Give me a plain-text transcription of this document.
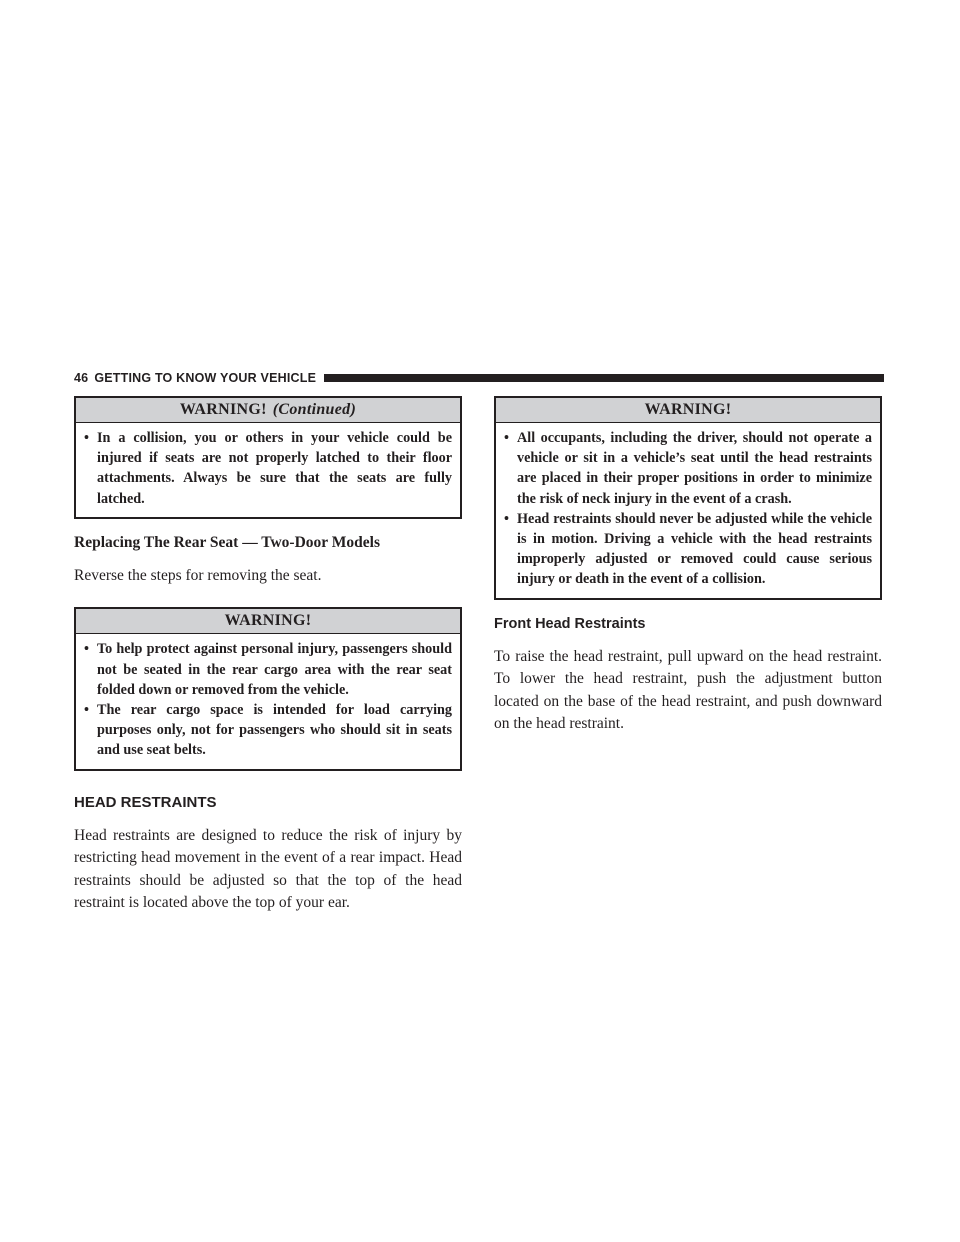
46 GETTING TO KNOW YOUR VEHICLE
WARNING! (Continued)
• In a collision, you or others in your vehicle could be injured if seats are not properly latched to their floor attachments. Always be sure that the seats are fully latched.
Replacing The Rear Seat — Two-Door Models

Reverse the steps for removing the seat.

WARNING!
• To help protect against personal injury, passengers should not be seated in the rear cargo area with the rear seat folded down or removed from the vehicle.
• The rear cargo space is intended for load carrying purposes only, not for passengers who should sit in seats and use seat belts.
HEAD RESTRAINTS

Head restraints are designed to reduce the risk of injury by restricting head movement in the event of a rear impact. Head restraints should be adjusted so that the top of the head restraint is located above the top of your ear.

WARNING!
• All occupants, including the driver, should not operate a vehicle or sit in a vehicle’s seat until the head restraints are placed in their proper positions in order to minimize the risk of neck injury in the event of a crash.
• Head restraints should never be adjusted while the vehicle is in motion. Driving a vehicle with the head restraints improperly adjusted or removed could cause serious injury or death in the event of a collision.
Front Head Restraints

To raise the head restraint, pull upward on the head restraint. To lower the head restraint, push the adjustment button located on the base of the head restraint, and push downward on the head restraint.
